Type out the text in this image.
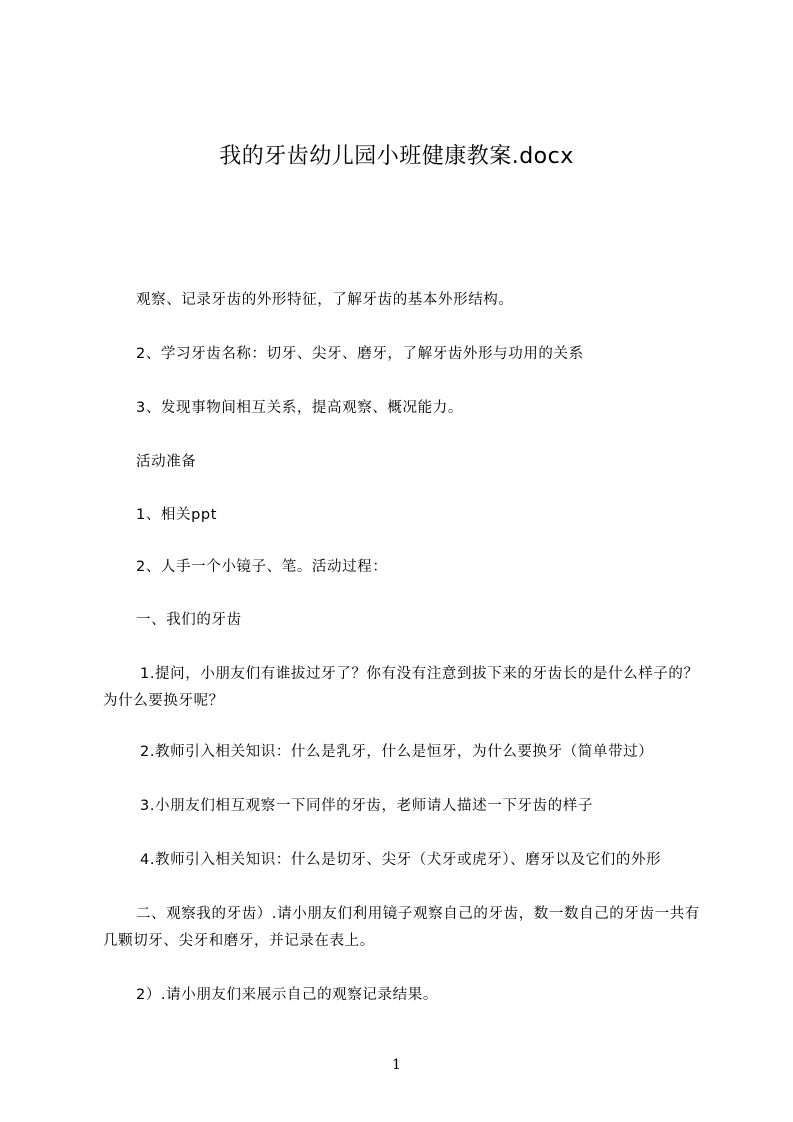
我的牙齿幼儿园小班健康教案.docx
观察、记录牙齿的外形特征，了解牙齿的基本外形结构。
2、学习牙齿名称：切牙、尖牙、磨牙，了解牙齿外形与功用的关系
3、发现事物间相互关系，提高观察、概况能力。
活动准备
1、相关ppt
2、人手一个小镜子、笔。活动过程：
一、我们的牙齿
1.提问，小朋友们有谁拔过牙了？你有没有注意到拔下来的牙齿长的是什么样子的？为什么要换牙呢？
2.教师引入相关知识：什么是乳牙，什么是恒牙，为什么要换牙（简单带过）
3.小朋友们相互观察一下同伴的牙齿，老师请人描述一下牙齿的样子
4.教师引入相关知识：什么是切牙、尖牙（犬牙或虎牙）、磨牙以及它们的外形
二、观察我的牙齿）.请小朋友们利用镜子观察自己的牙齿，数一数自己的牙齿一共有几颗切牙、尖牙和磨牙，并记录在表上。
2）.请小朋友们来展示自己的观察记录结果。
1
